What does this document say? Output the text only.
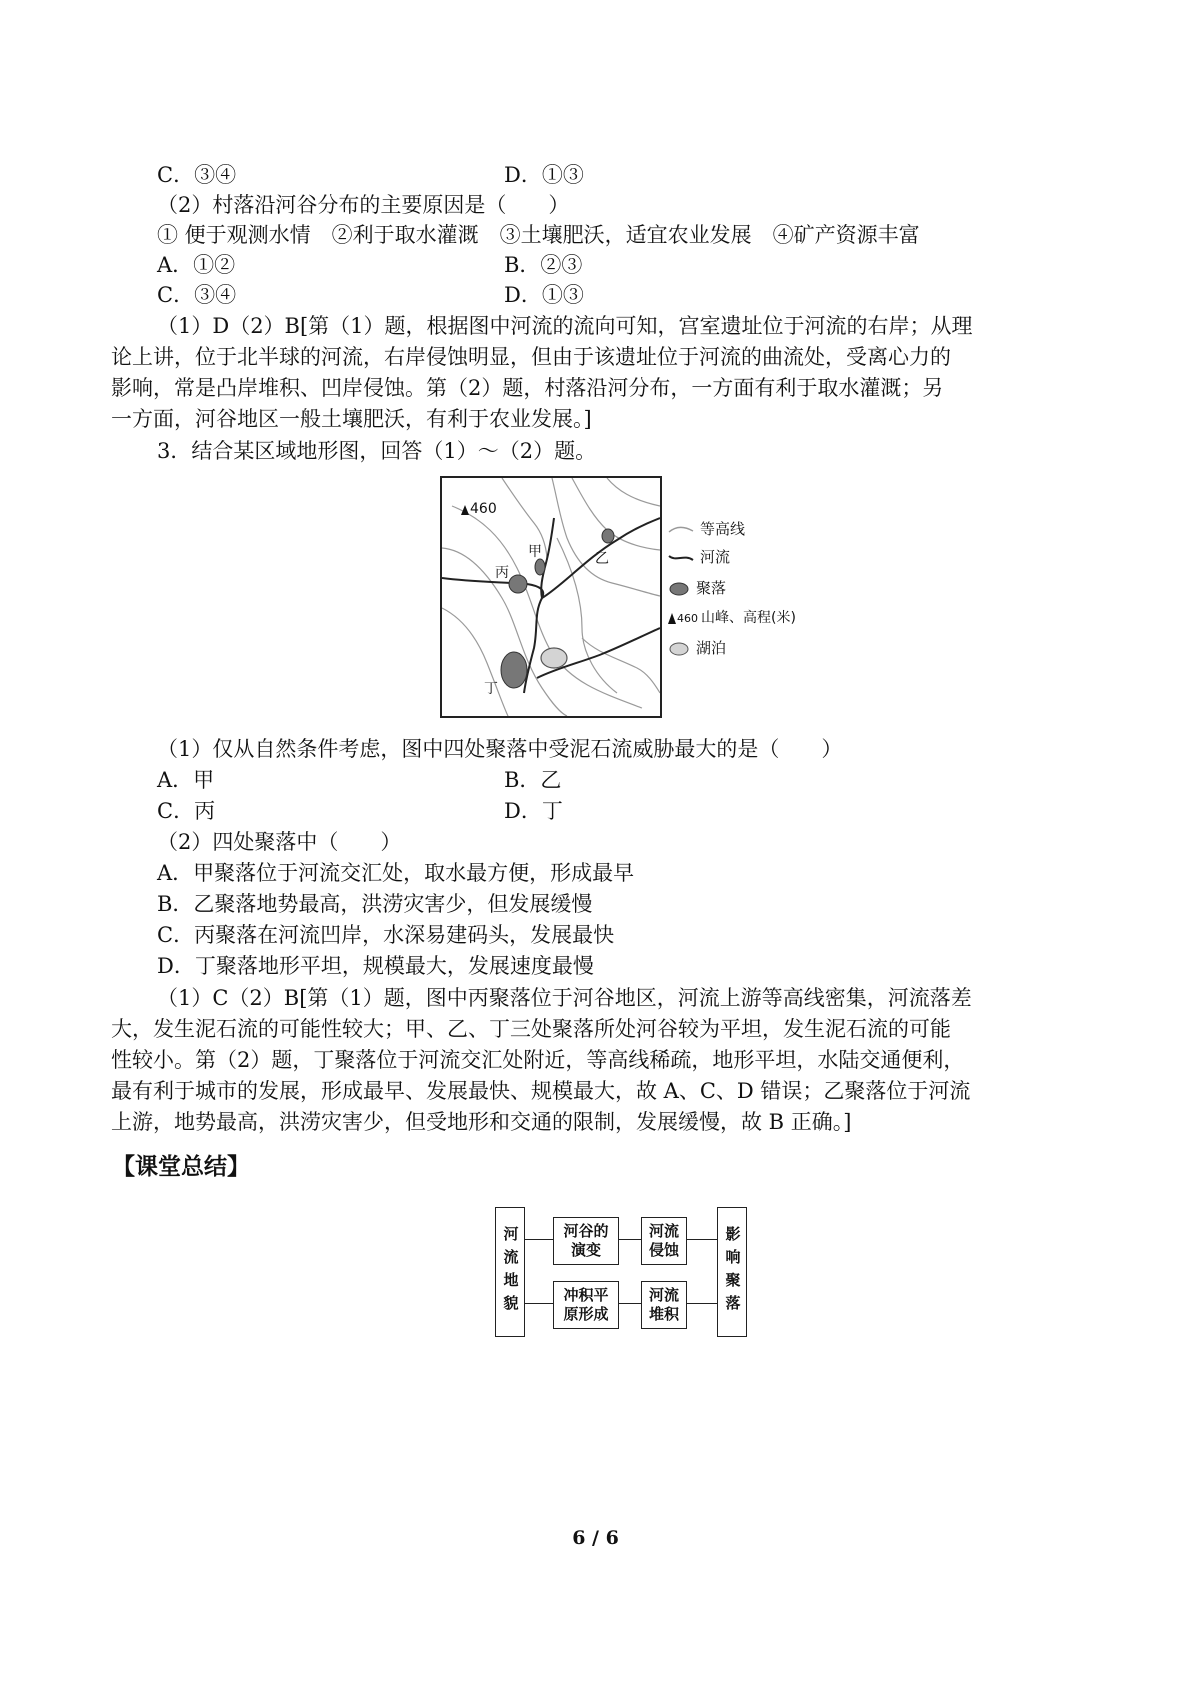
C．③④	D．①③
（2）村落沿河谷分布的主要原因是（　　）
① 便于观测水情　②利于取水灌溉　③土壤肥沃，适宜农业发展　④矿产资源丰富
A．①②	B．②③
C．③④	D．①③
（1）D（2）B[第（1）题，根据图中河流的流向可知，宫室遗址位于河流的右岸；从理
论上讲，位于北半球的河流，右岸侵蚀明显，但由于该遗址位于河流的曲流处，受离心力的
影响，常是凸岸堆积、凹岸侵蚀。第（2）题，村落沿河分布，一方面有利于取水灌溉；另
一方面，河谷地区一般土壤肥沃，有利于农业发展。]
3．结合某区域地形图，回答（1）～（2）题。
460
甲	乙
丙
丁
等高线
河流
聚落
460 山峰、高程(米)
湖泊
（1）仅从自然条件考虑，图中四处聚落中受泥石流威胁最大的是（　　）
A．甲	B．乙
C．丙	D．丁
（2）四处聚落中（　　）
A．甲聚落位于河流交汇处，取水最方便，形成最早
B．乙聚落地势最高，洪涝灾害少，但发展缓慢
C．丙聚落在河流凹岸，水深易建码头，发展最快
D．丁聚落地形平坦，规模最大，发展速度最慢
（1）C（2）B[第（1）题，图中丙聚落位于河谷地区，河流上游等高线密集，河流落差
大，发生泥石流的可能性较大；甲、乙、丁三处聚落所处河谷较为平坦，发生泥石流的可能
性较小。第（2）题，丁聚落位于河流交汇处附近，等高线稀疏，地形平坦，水陆交通便利，
最有利于城市的发展，形成最早、发展最快、规模最大，故 A、C、D 错误；乙聚落位于河流
上游，地势最高，洪涝灾害少，但受地形和交通的限制，发展缓慢，故 B 正确。]
【课堂总结】
河流地貌	河谷的演变
冲积平原形成
河流侵蚀
河流堆积	影响聚落
6 / 6
